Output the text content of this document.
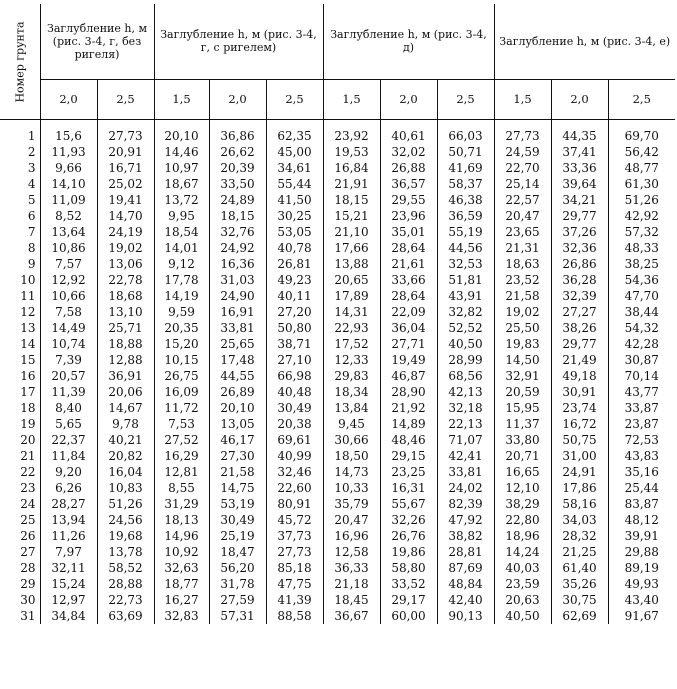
Номер грунта	Заглубление h, м (рис. 3-4, г, без ригеля)		Заглубление h, м (рис. 3-4, г, с ригелем)			Заглубление h, м (рис. 3-4, д)			Заглубление h, м (рис. 3-4, е)		
	2,0	2,5	1,5	2,0	2,5	1,5	2,0	2,5	1,5	2,0	2,5

1	15,6	27,73	20,10	36,86	62,35	23,92	40,61	66,03	27,73	44,35	69,70
2	11,93	20,91	14,46	26,62	45,00	19,53	32,02	50,71	24,59	37,41	56,42
3	9,66	16,71	10,97	20,39	34,61	16,84	26,88	41,69	22,70	33,36	48,77
4	14,10	25,02	18,67	33,50	55,44	21,91	36,57	58,37	25,14	39,64	61,30
5	11,09	19,41	13,72	24,89	41,50	18,15	29,55	46,38	22,57	34,21	51,26
6	8,52	14,70	9,95	18,15	30,25	15,21	23,96	36,59	20,47	29,77	42,92
7	13,64	24,19	18,54	32,76	53,05	21,10	35,01	55,19	23,65	37,26	57,32
8	10,86	19,02	14,01	24,92	40,78	17,66	28,64	44,56	21,31	32,36	48,33
9	7,57	13,06	9,12	16,36	26,81	13,88	21,61	32,53	18,63	26,86	38,25
10	12,92	22,78	17,78	31,03	49,23	20,65	33,66	51,81	23,52	36,28	54,36
11	10,66	18,68	14,19	24,90	40,11	17,89	28,64	43,91	21,58	32,39	47,70
12	7,58	13,10	9,59	16,91	27,20	14,31	22,09	32,82	19,02	27,27	38,44
13	14,49	25,71	20,35	33,81	50,80	22,93	36,04	52,52	25,50	38,26	54,32
14	10,74	18,88	15,20	25,65	38,71	17,52	27,71	40,50	19,83	29,77	42,28
15	7,39	12,88	10,15	17,48	27,10	12,33	19,49	28,99	14,50	21,49	30,87
16	20,57	36,91	26,75	44,55	66,98	29,83	46,87	68,56	32,91	49,18	70,14
17	11,39	20,06	16,09	26,89	40,48	18,34	28,90	42,13	20,59	30,91	43,77
18	8,40	14,67	11,72	20,10	30,49	13,84	21,92	32,18	15,95	23,74	33,87
19	5,65	9,78	7,53	13,05	20,38	9,45	14,89	22,13	11,37	16,72	23,87
20	22,37	40,21	27,52	46,17	69,61	30,66	48,46	71,07	33,80	50,75	72,53
21	11,84	20,82	16,29	27,30	40,99	18,50	29,15	42,41	20,71	31,00	43,83
22	9,20	16,04	12,81	21,58	32,46	14,73	23,25	33,81	16,65	24,91	35,16
23	6,26	10,83	8,55	14,75	22,60	10,33	16,31	24,02	12,10	17,86	25,44
24	28,27	51,26	31,29	53,19	80,91	35,79	55,67	82,39	38,29	58,16	83,87
25	13,94	24,56	18,13	30,49	45,72	20,47	32,26	47,92	22,80	34,03	48,12
26	11,26	19,68	14,96	25,19	37,73	16,96	26,76	38,82	18,96	28,32	39,91
27	7,97	13,78	10,92	18,47	27,73	12,58	19,86	28,81	14,24	21,25	29,88
28	32,11	58,52	32,63	56,20	85,18	36,33	58,80	87,69	40,03	61,40	89,19
29	15,24	28,88	18,77	31,78	47,75	21,18	33,52	48,84	23,59	35,26	49,93
30	12,97	22,73	16,27	27,59	41,39	18,45	29,17	42,40	20,63	30,75	43,40
31	34,84	63,69	32,83	57,31	88,58	36,67	60,00	90,13	40,50	62,69	91,67
